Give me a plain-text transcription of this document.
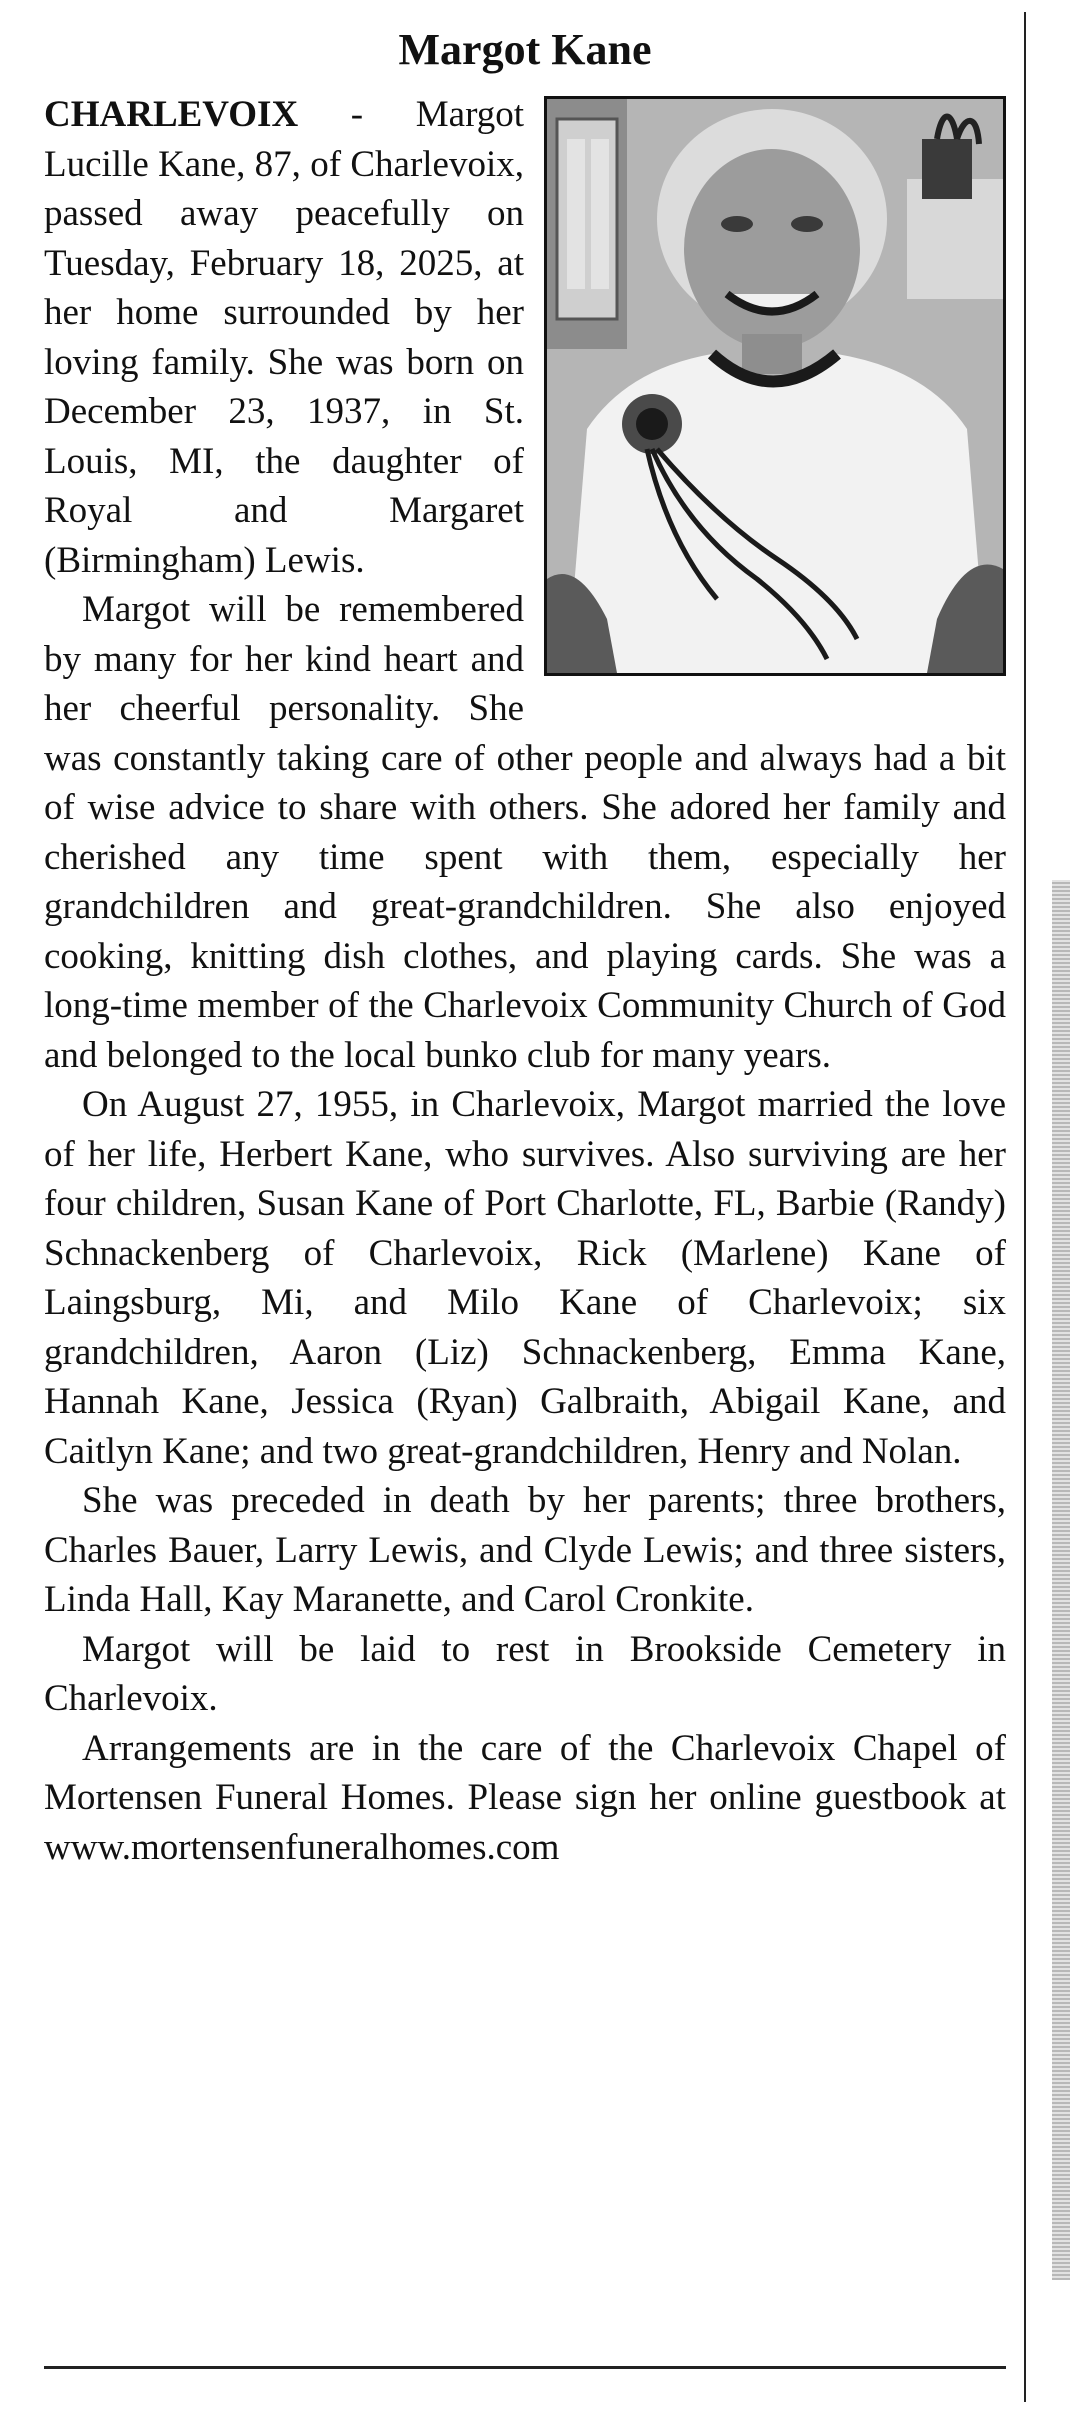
Margot Kane

CHARLEVOIX - Margot Lucille Kane, 87, of Charlevoix, passed away peacefully on Tuesday, February 18, 2025, at her home surrounded by her loving family. She was born on December 23, 1937, in St. Louis, MI, the daughter of Royal and Margaret (Birmingham) Lewis.

Margot will be remembered by many for her kind heart and her cheerful personality. She was constantly taking care of other people and always had a bit of wise advice to share with others. She adored her family and cherished any time spent with them, especially her grandchildren and great-grandchildren. She also enjoyed cooking, knitting dish clothes, and playing cards. She was a long-time member of the Charlevoix Community Church of God and belonged to the local bunko club for many years.

On August 27, 1955, in Charlevoix, Margot married the love of her life, Herbert Kane, who survives. Also surviving are her four children, Susan Kane of Port Charlotte, FL, Barbie (Randy) Schnackenberg of Charlevoix, Rick (Marlene) Kane of Laingsburg, Mi, and Milo Kane of Charlevoix; six grandchildren, Aaron (Liz) Schnackenberg, Emma Kane, Hannah Kane, Jessica (Ryan) Galbraith, Abigail Kane, and Caitlyn Kane; and two great-grandchildren, Henry and Nolan.

She was preceded in death by her parents; three brothers, Charles Bauer, Larry Lewis, and Clyde Lewis; and three sisters, Linda Hall, Kay Maranette, and Carol Cronkite.

Margot will be laid to rest in Brookside Cemetery in Charlevoix.

Arrangements are in the care of the Charlevoix Chapel of Mortensen Funeral Homes. Please sign her online guestbook at www.mortensenfuneralhomes.com
